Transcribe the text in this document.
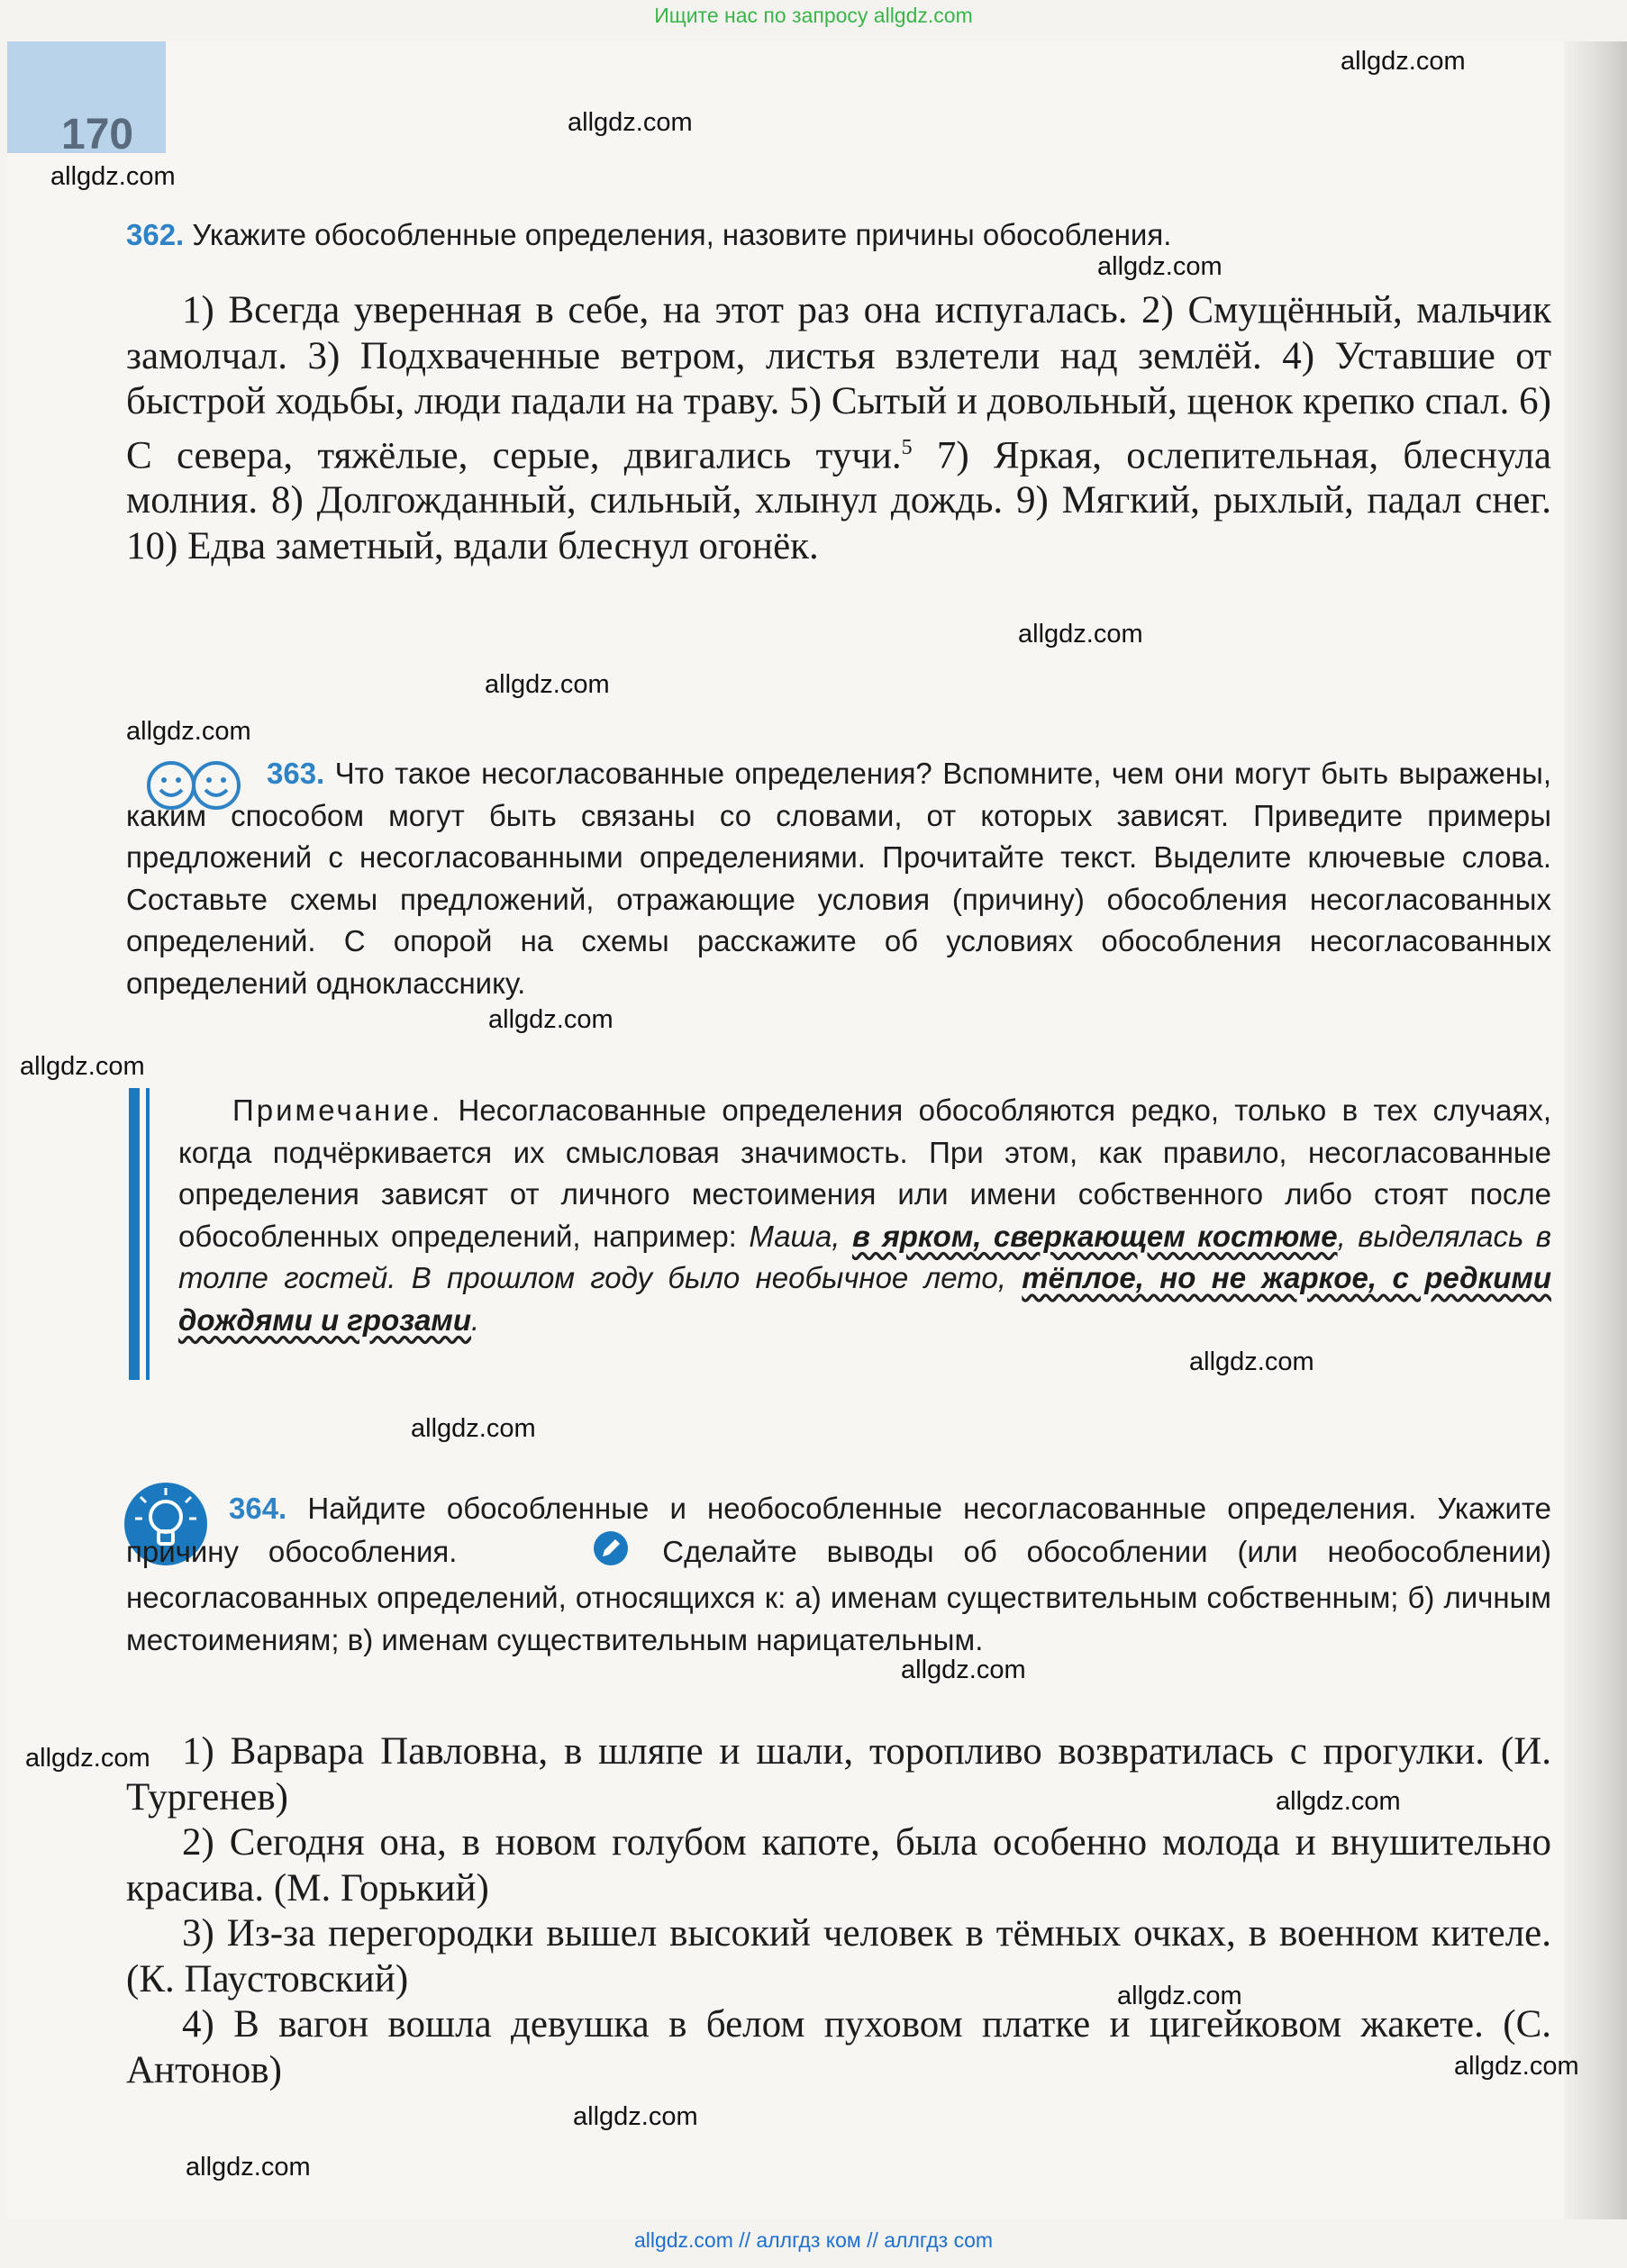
Ищите нас по запросу allgdz.com
170
362. Укажите обособленные определения, назовите причины обособления.
1) Всегда уверенная в себе, на этот раз она испугалась. 2) Смущённый, мальчик замолчал. 3) Подхваченные ветром, листья взлетели над землёй. 4) Уставшие от быстрой ходьбы, люди падали на траву. 5) Сытый и довольный, щенок крепко спал. 6) С севера, тяжёлые, серые, двигались тучи.$^5$ 7) Яркая, ослепительная, блеснула молния. 8) Долгожданный, сильный, хлынул дождь. 9) Мягкий, рыхлый, падал снег. 10) Едва заметный, вдали блеснул огонёк.
363. Что такое несогласованные определения? Вспомните, чем они могут быть выражены, каким способом могут быть связаны со словами, от которых зависят. Приведите примеры предложений с несогласованными определениями. Прочитайте текст. Выделите ключевые слова. Составьте схемы предложений, отражающие условия (причину) обособления несогласованных определений. С опорой на схемы расскажите об условиях обособления несогласованных определений однокласснику.
Примечание. Несогласованные определения обособляются редко, только в тех случаях, когда подчёркивается их смысловая значимость. При этом, как правило, несогласованные определения зависят от личного местоимения или имени собственного либо стоят после обособленных определений, например: Маша, в ярком, сверкающем костюме, выделялась в толпе гостей. В прошлом году было необычное лето, тёплое, но не жаркое, с редкими дождями и грозами.
364. Найдите обособленные и необособленные несогласованные определения. Укажите причину обособления.	Сделайте выводы об обособлении (или необособлении) несогласованных определений, относящихся к: а) именам существительным собственным; б) личным местоимениям; в) именам существительным нарицательным.
1) Варвара Павловна, в шляпе и шали, торопливо возвратилась с прогулки. (И. Тургенев)
2) Сегодня она, в новом голубом капоте, была особенно молода и внушительно красива. (М. Горький)
3) Из-за перегородки вышел высокий человек в тёмных очках, в военном кителе. (К. Паустовский)
4) В вагон вошла девушка в белом пуховом платке и цигейковом жакете. (С. Антонов)
allgdz.com
allgdz.com
allgdz.com
allgdz.com
allgdz.com
allgdz.com
allgdz.com
allgdz.com
allgdz.com
allgdz.com
allgdz.com
allgdz.com
allgdz.com
allgdz.com
allgdz.com
allgdz.com
allgdz.com
allgdz.com
allgdz.com // аллгдз ком // аллгдз com
